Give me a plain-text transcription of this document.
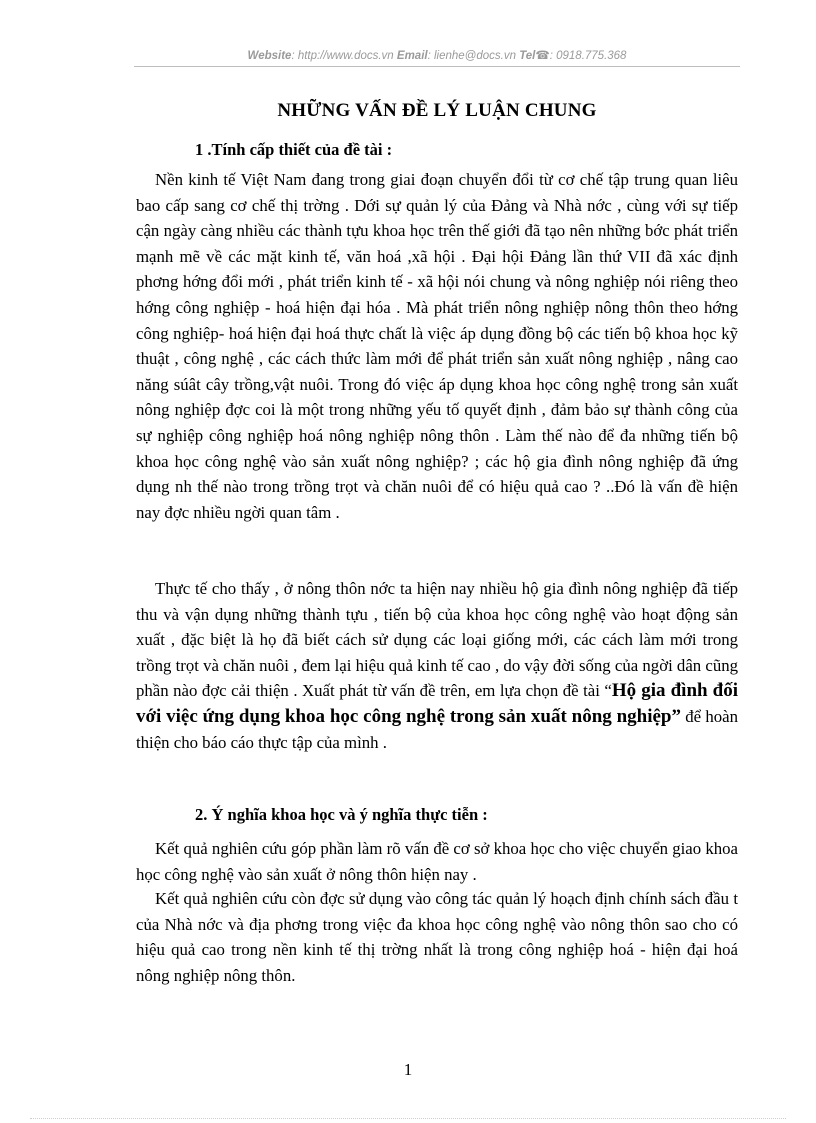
Website: http://www.docs.vn Email: lienhe@docs.vn Tel☎: 0918.775.368
NHỮNG VẤN ĐỀ LÝ LUẬN CHUNG
1 .Tính cấp thiết của đề tài :

Nền kinh tế Việt Nam đang trong giai đoạn chuyển đổi từ cơ chế tập trung quan liêu bao cấp sang cơ chế thị trờng . Dới sự quản lý của Đảng và Nhà nớc , cùng với sự tiếp cận ngày càng nhiều các thành tựu khoa học trên thế giới đã tạo nên những bớc phát triển mạnh mẽ về các mặt kinh tế, văn hoá ,xã hội . Đại hội Đảng lần thứ VII đã xác định phơng hớng đổi mới , phát triển kinh tế - xã hội nói chung và nông nghiệp nói riêng theo hớng công nghiệp - hoá hiện đại hóa . Mà phát triển nông nghiệp nông thôn theo hớng công nghiệp- hoá hiện đại hoá thực chất là việc áp dụng đồng bộ các tiến bộ khoa học kỹ thuật , công nghệ , các cách thức làm mới để phát triển sản xuất nông nghiệp , nâng cao năng súât cây trồng,vật nuôi. Trong đó việc áp dụng khoa học công nghệ trong sản xuất nông nghiệp đợc coi là một trong những yếu tố quyết định , đảm bảo sự thành công của sự nghiệp công nghiệp hoá nông nghiệp nông thôn . Làm thế nào để đa những tiến bộ khoa học công nghệ vào sản xuất nông nghiệp? ; các hộ gia đình nông nghiệp đã ứng dụng nh thế nào trong trồng trọt và chăn nuôi để có hiệu quả cao ? ..Đó là vấn đề hiện nay đợc nhiều ngời quan tâm .

Thực tế cho thấy , ở nông thôn nớc ta hiện nay nhiều hộ gia đình nông nghiệp đã tiếp thu và vận dụng những thành tựu , tiến bộ của khoa học công nghệ vào hoạt động sản xuất , đặc biệt là họ đã biết cách sử dụng các loại giống mới, các cách làm mới trong trồng trọt và chăn nuôi , đem lại hiệu quả kinh tế cao , do vậy đời sống của ngời dân cũng phần nào đợc cải thiện . Xuất phát từ vấn đề trên, em lựa chọn đề tài “Hộ gia đình đối với việc ứng dụng khoa học công nghệ trong sản xuất nông nghiệp” để hoàn thiện cho báo cáo thực tập của mình .

2. Ý nghĩa khoa học và ý nghĩa thực tiễn :

Kết quả nghiên cứu góp phần làm rõ vấn đề cơ sở khoa học cho việc chuyển giao khoa học công nghệ vào sản xuất ở nông thôn hiện nay .

Kết quả nghiên cứu còn đợc sử dụng vào công tác quản lý hoạch định chính sách đầu t của Nhà nớc và địa phơng trong việc đa khoa học công nghệ vào nông thôn sao cho có hiệu quả cao trong nền kinh tế thị trờng nhất là trong công nghiệp hoá - hiện đại hoá nông nghiệp nông thôn.

1
